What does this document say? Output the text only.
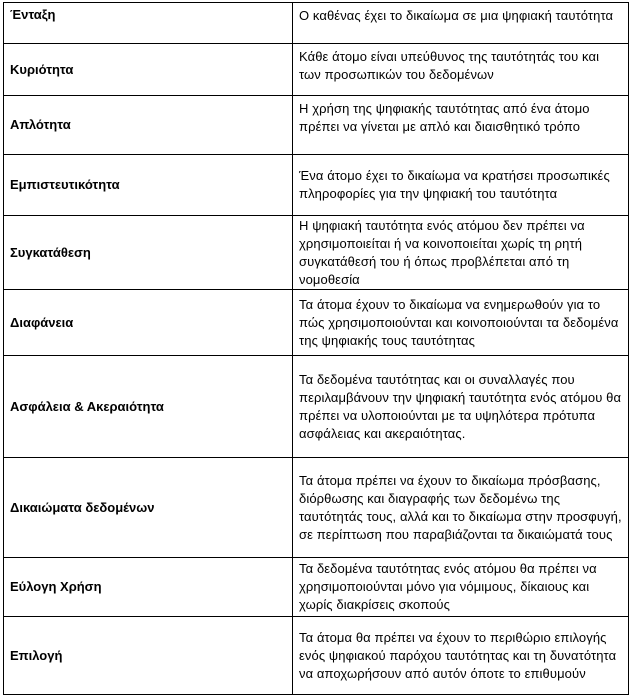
Ένταξη	Ο καθένας έχει το δικαίωμα σε μια ψηφιακή ταυτότητα

Κυριότητα	Κάθε άτομο είναι υπεύθυνος της ταυτότητάς του και των προσωπικών του δεδομένων

Απλότητα	Η χρήση της ψηφιακής ταυτότητας από ένα άτομο πρέπει να γίνεται με απλό και διαισθητικό τρόπο

Εμπιστευτικότητα	Ένα άτομο έχει το δικαίωμα να κρατήσει προσωπικές πληροφορίες για την ψηφιακή του ταυτότητα

Συγκατάθεση	Η ψηφιακή ταυτότητα ενός ατόμου δεν πρέπει να χρησιμοποιείται ή να κοινοποιείται χωρίς τη ρητή συγκατάθεσή του ή όπως προβλέπεται από τη νομοθεσία

Διαφάνεια	Τα άτομα έχουν το δικαίωμα να ενημερωθούν για το πώς χρησιμοποιούνται και κοινοποιούνται τα δεδομένα της ψηφιακής τους ταυτότητας

Ασφάλεια & Ακεραιότητα	Τα δεδομένα ταυτότητας και οι συναλλαγές που περιλαμβάνουν την ψηφιακή ταυτότητα ενός ατόμου θα πρέπει να υλοποιούνται με τα υψηλότερα πρότυπα ασφάλειας και ακεραιότητας.

Δικαιώματα δεδομένων	Τα άτομα πρέπει να έχουν το δικαίωμα πρόσβασης, διόρθωσης και διαγραφής των δεδομένω της ταυτότητάς τους, αλλά και το δικαίωμα στην προσφυγή, σε περίπτωση που παραβιάζονται τα δικαιώματά τους

Εύλογη Χρήση	Τα δεδομένα ταυτότητας ενός ατόμου θα πρέπει να χρησιμοποιούνται μόνο για νόμιμους, δίκαιους και χωρίς διακρίσεις σκοπούς

Επιλογή	Τα άτομα θα πρέπει να έχουν το περιθώριο επιλογής ενός ψηφιακού παρόχου ταυτότητας και τη δυνατότητα να αποχωρήσουν από αυτόν όποτε το επιθυμούν
